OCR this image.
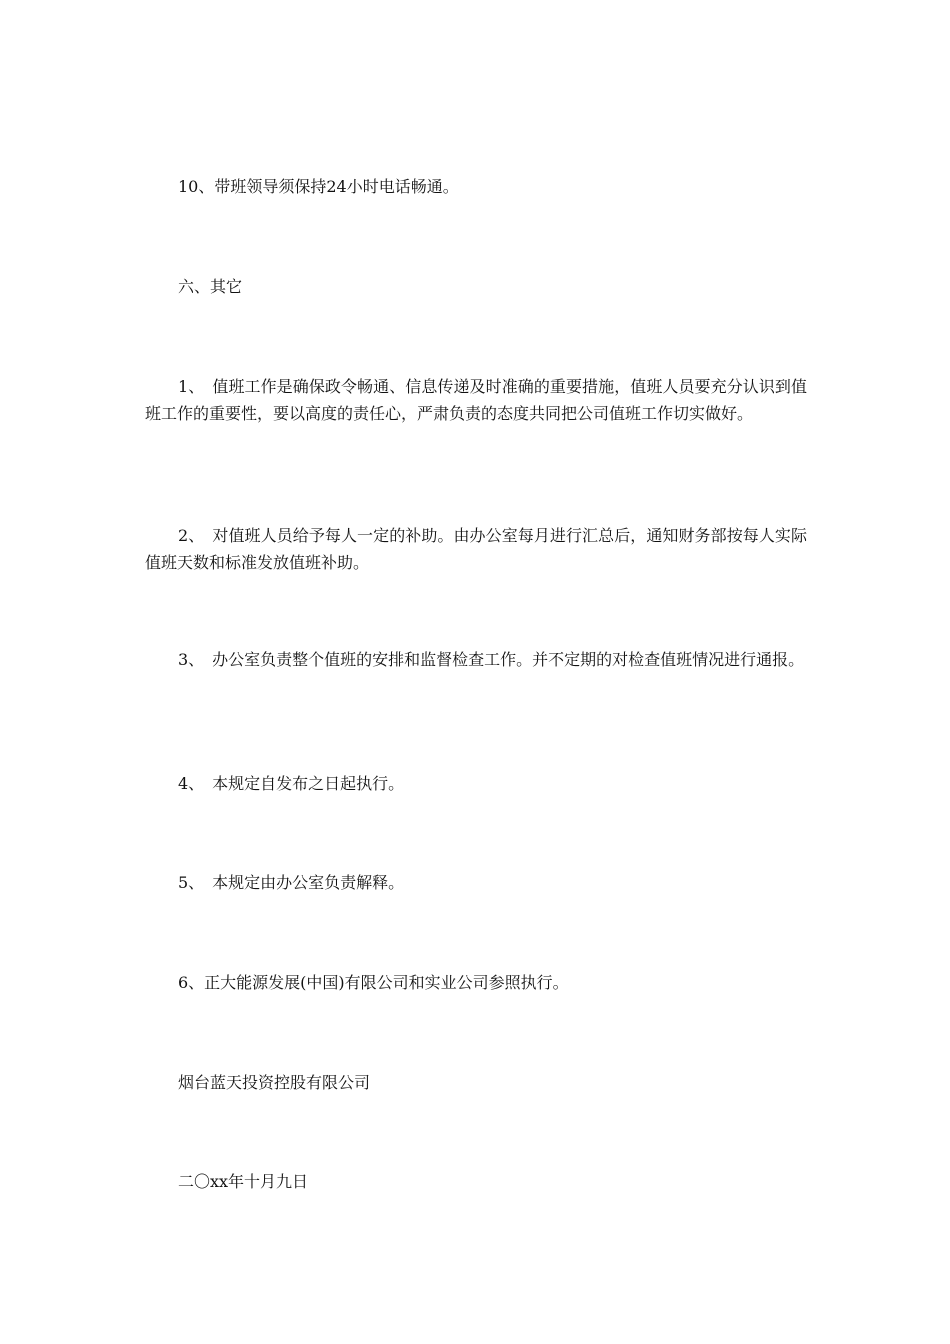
10、带班领导须保持24小时电话畅通。

六、其它

1、　值班工作是确保政令畅通、信息传递及时准确的重要措施，值班人员要充分认识到值班工作的重要性，要以高度的责任心，严肃负责的态度共同把公司值班工作切实做好。

2、　对值班人员给予每人一定的补助。由办公室每月进行汇总后，通知财务部按每人实际值班天数和标准发放值班补助。

3、　办公室负责整个值班的安排和监督检查工作。并不定期的对检查值班情况进行通报。

4、　本规定自发布之日起执行。

5、　本规定由办公室负责解释。

6、正大能源发展(中国)有限公司和实业公司参照执行。

烟台蓝天投资控股有限公司

二〇xx年十月九日
